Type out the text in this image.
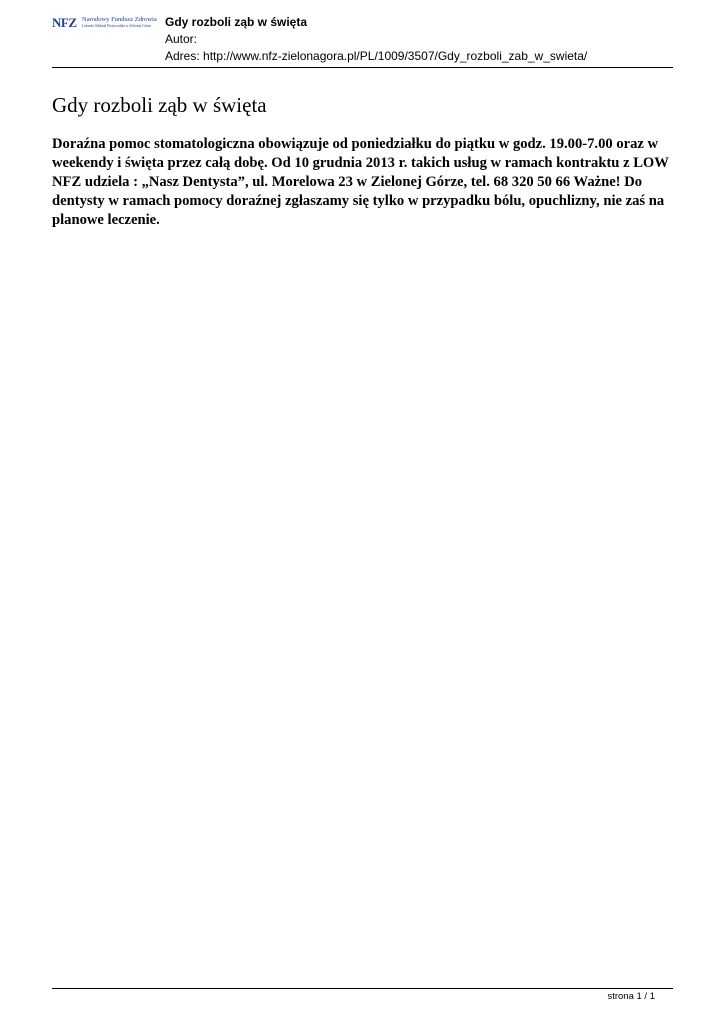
NFZ Narodowy Fundusz Zdrowia
Lubuski Oddział Wojewódzki w Zielonej Górze Gdy rozboli ząb w święta
Autor:
Adres: http://www.nfz-zielonagora.pl/PL/1009/3507/Gdy_rozboli_zab_w_swieta/
Gdy rozboli ząb w święta

Doraźna pomoc stomatologiczna obowiązuje od poniedziałku do piątku w godz. 19.00-7.00 oraz w weekendy i święta przez całą dobę. Od 10 grudnia 2013 r. takich usług w ramach kontraktu z LOW NFZ udziela : „Nasz Dentysta”, ul. Morelowa 23 w Zielonej Górze, tel. 68 320 50 66 Ważne! Do dentysty w ramach pomocy doraźnej zgłaszamy się tylko w przypadku bólu, opuchlizny, nie zaś na planowe leczenie.

strona 1 / 1
